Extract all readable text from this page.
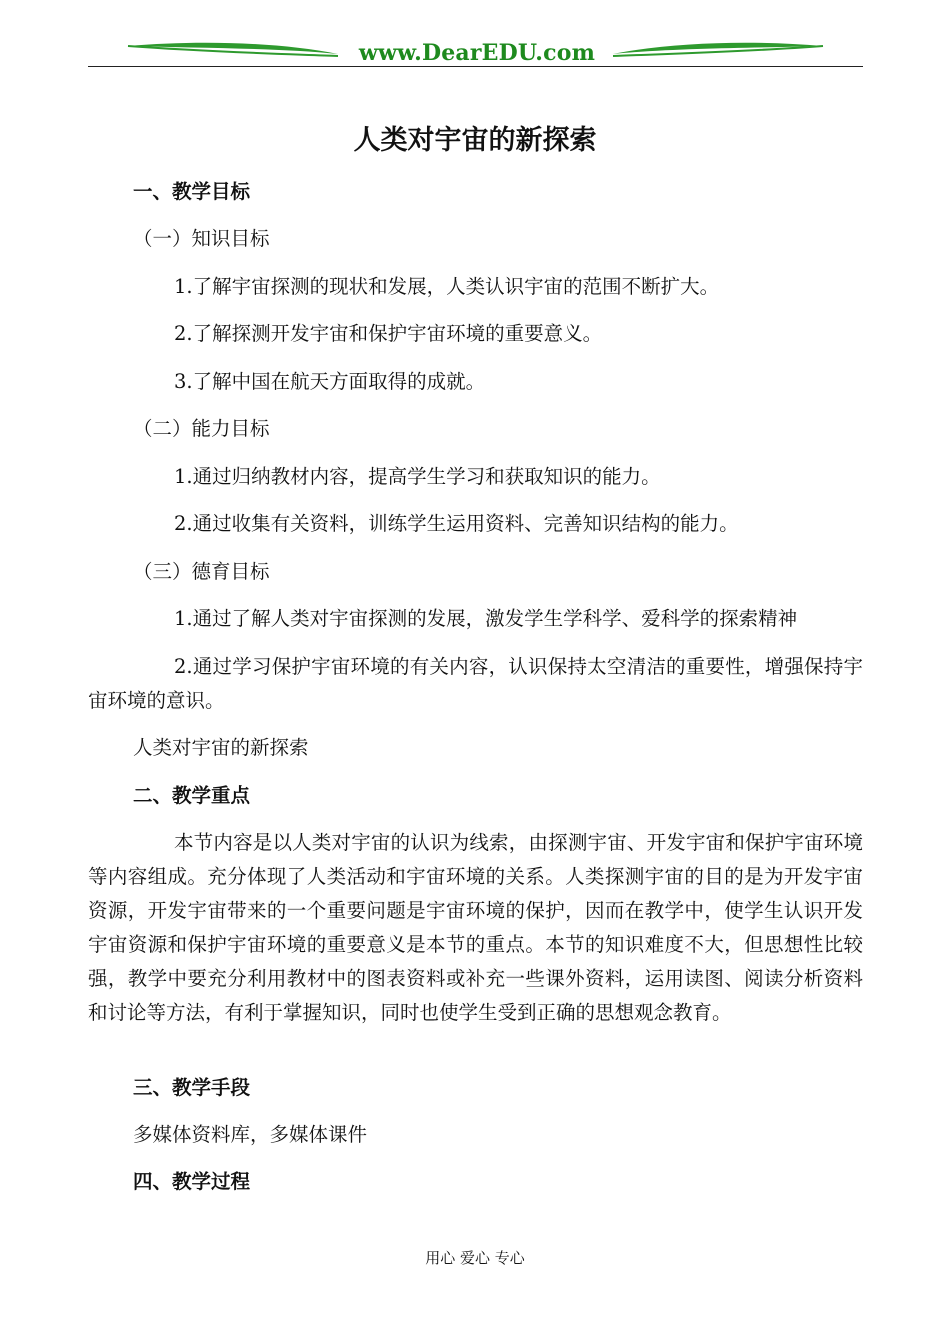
www.DearEDU.com
人类对宇宙的新探索
一、教学目标
（一）知识目标
1.了解宇宙探测的现状和发展，人类认识宇宙的范围不断扩大。
2.了解探测开发宇宙和保护宇宙环境的重要意义。
3.了解中国在航天方面取得的成就。
（二）能力目标
1.通过归纳教材内容，提高学生学习和获取知识的能力。
2.通过收集有关资料，训练学生运用资料、完善知识结构的能力。
（三）德育目标
1.通过了解人类对宇宙探测的发展，激发学生学科学、爱科学的探索精神
2.通过学习保护宇宙环境的有关内容，认识保持太空清洁的重要性，增强保持宇宙环境的意识。
人类对宇宙的新探索
二、教学重点
本节内容是以人类对宇宙的认识为线索，由探测宇宙、开发宇宙和保护宇宙环境等内容组成。充分体现了人类活动和宇宙环境的关系。人类探测宇宙的目的是为开发宇宙资源，开发宇宙带来的一个重要问题是宇宙环境的保护，因而在教学中，使学生认识开发宇宙资源和保护宇宙环境的重要意义是本节的重点。本节的知识难度不大，但思想性比较强，教学中要充分利用教材中的图表资料或补充一些课外资料，运用读图、阅读分析资料和讨论等方法，有利于掌握知识，同时也使学生受到正确的思想观念教育。
三、教学手段
多媒体资料库，多媒体课件
四、教学过程
用心 爱心 专心
